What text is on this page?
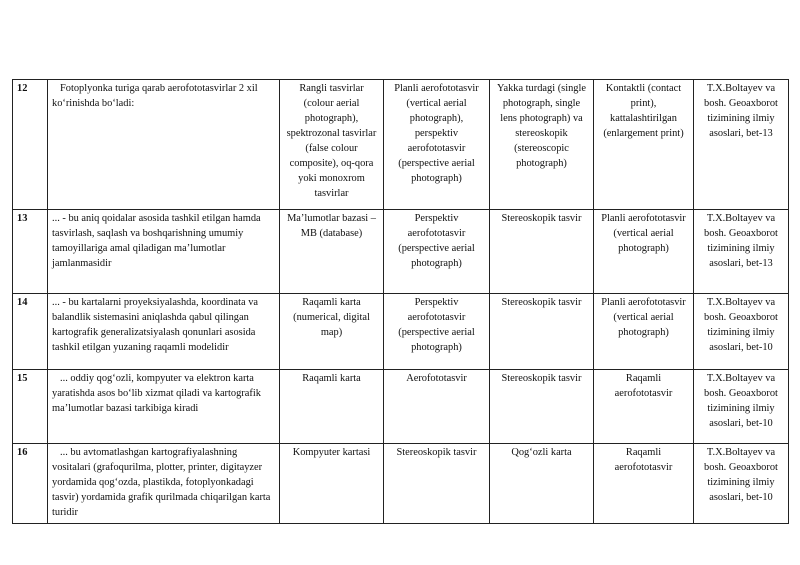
12	Fotoplyonka turiga qarab aerofototasvirlar 2 xil koʻrinishda boʻladi:	Rangli tasvirlar (colour aerial photograph), spektrozonal tasvirlar (false colour composite), oq-qora yoki monoxrom tasvirlar	Planli aerofototasvir (vertical aerial photograph), perspektiv aerofototasvir (perspective aerial photograph)	Yakka turdagi (single photograph, single lens photograph) va stereoskopik (stereoscopic photograph)	Kontaktli (contact print), kattalashtirilgan (enlargement print)	T.X.Boltayev va bosh. Geoaxborot tizimining ilmiy asoslari, bet-13
13	... - bu aniq qoidalar asosida tashkil etilgan hamda tasvirlash, saqlash va boshqarishning umumiy tamoyillariga amal qiladigan maʼlumotlar jamlanmasidir	Maʼlumotlar bazasi – MB (database)	Perspektiv aerofototasvir (perspective aerial photograph)	Stereoskopik tasvir	Planli aerofototasvir (vertical aerial photograph)	T.X.Boltayev va bosh. Geoaxborot tizimining ilmiy asoslari, bet-13
14	... - bu kartalarni proyeksiyalashda, koordinata va balandlik sistemasini aniqlashda qabul qilingan kartografik generalizatsiyalash qonunlari asosida tashkil etilgan yuzaning raqamli modelidir	Raqamli karta (numerical, digital map)	Perspektiv aerofototasvir (perspective aerial photograph)	Stereoskopik tasvir	Planli aerofototasvir (vertical aerial photograph)	T.X.Boltayev va bosh. Geoaxborot tizimining ilmiy asoslari, bet-10
15	... oddiy qogʻozli, kompyuter va elektron karta yaratishda asos boʻlib xizmat qiladi va kartografik maʼlumotlar bazasi tarkibiga kiradi	Raqamli karta	Aerofototasvir	Stereoskopik tasvir	Raqamli aerofototasvir	T.X.Boltayev va bosh. Geoaxborot tizimining ilmiy asoslari, bet-10
16	... bu avtomatlashgan kartografiyalashning vositalari (grafoqurilma, plotter, printer, digitayzer yordamida qogʻozda, plastikda, fotoplyonkadagi tasvir) yordamida grafik qurilmada chiqarilgan karta turidir	Kompyuter kartasi	Stereoskopik tasvir	Qogʻozli karta	Raqamli aerofototasvir	T.X.Boltayev va bosh. Geoaxborot tizimining ilmiy asoslari, bet-10
